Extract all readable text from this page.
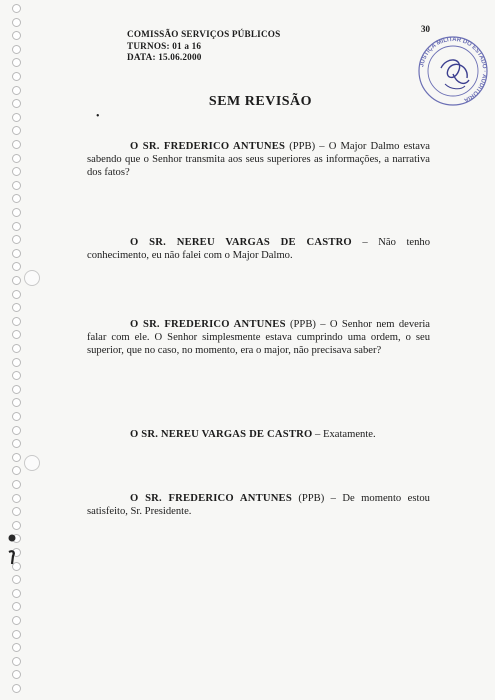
COMISSÃO SERVIÇOS PÚBLICOS
TURNOS: 01 a 16
DATA: 15.06.2000
30
JUSTIÇA MILITAR DO ESTADO · AUDITORIA
•
SEM REVISÃO
O SR. FREDERICO ANTUNES (PPB) – O Major Dalmo estava sabendo que o Senhor transmita aos seus superiores as informações, a narrativa dos fatos?
O SR. NEREU VARGAS DE CASTRO – Não tenho conhecimento, eu não falei com o Major Dalmo.
O SR. FREDERICO ANTUNES (PPB) – O Senhor nem deveria falar com ele. O Senhor simplesmente estava cumprindo uma ordem, o seu superior, que no caso, no momento, era o major, não precisava saber?
O SR. NEREU VARGAS DE CASTRO – Exatamente.
O SR. FREDERICO ANTUNES (PPB) – De momento estou satisfeito, Sr. Presidente.
